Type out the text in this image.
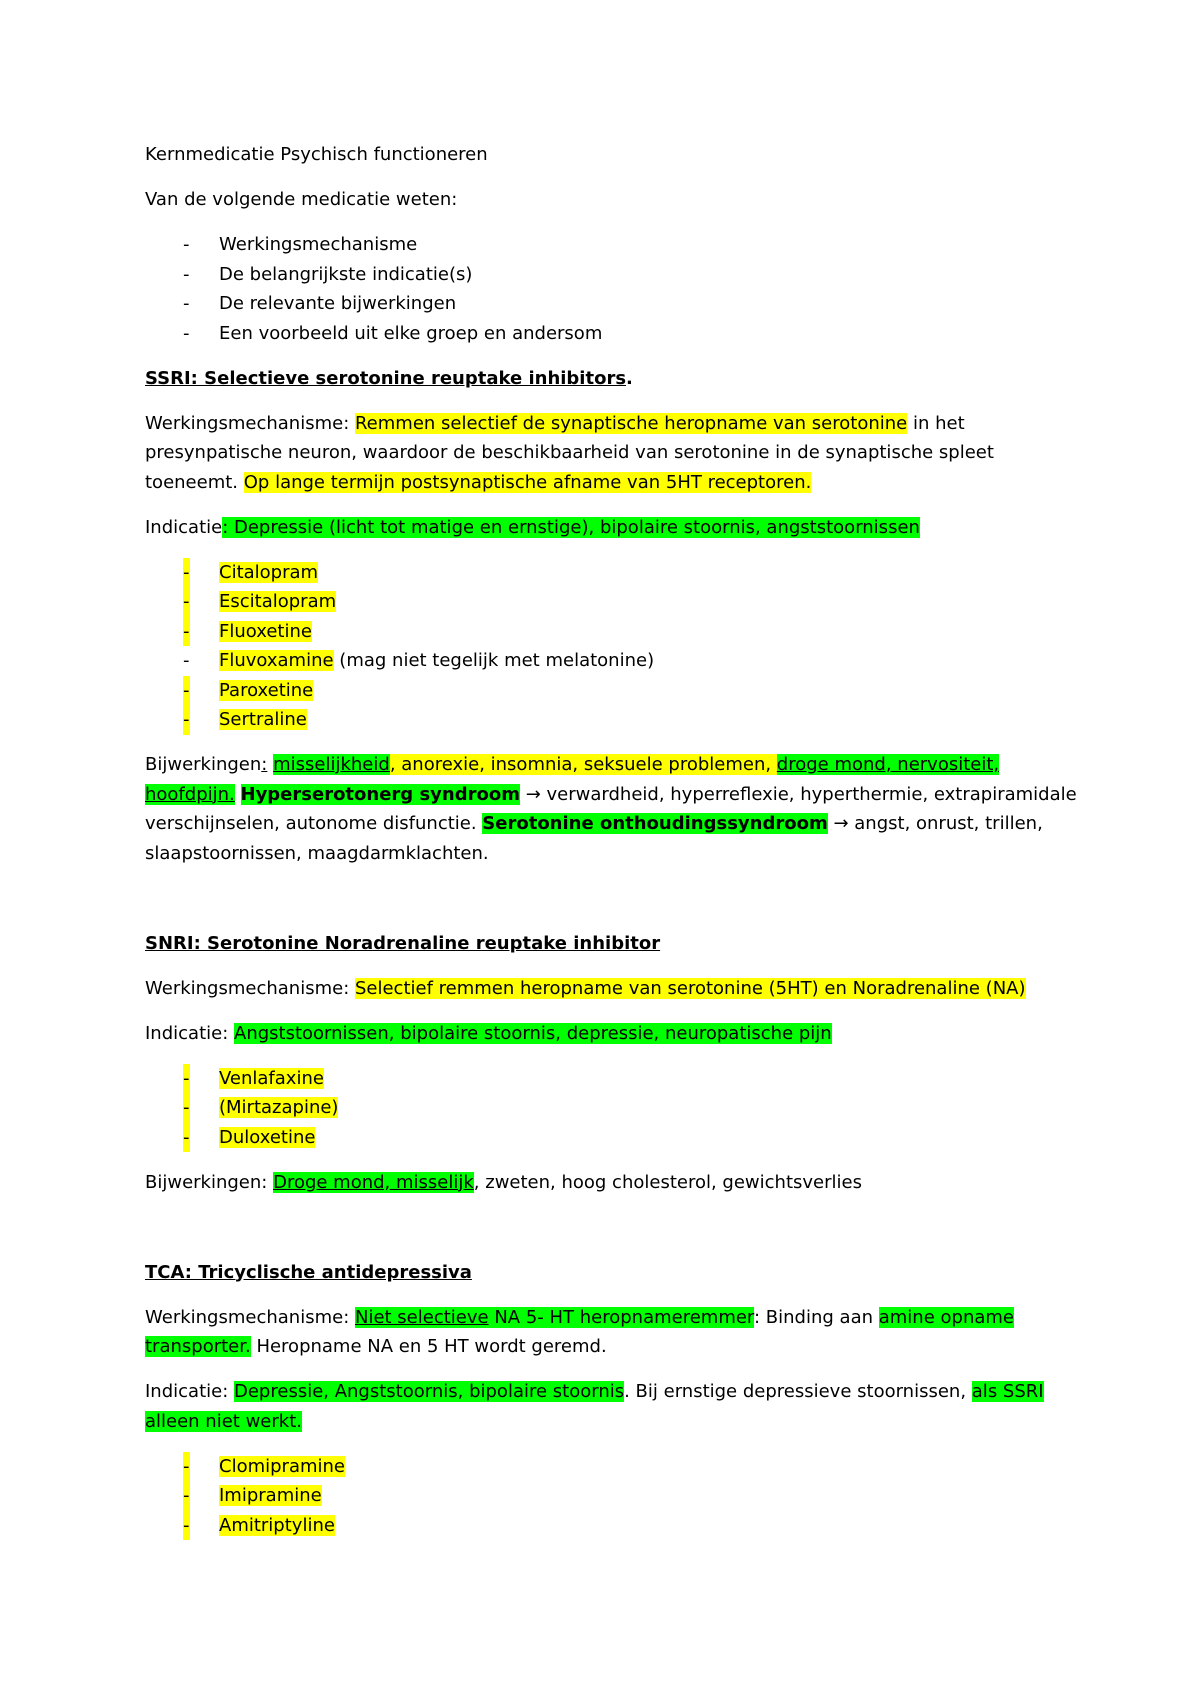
Kernmedicatie Psychisch functioneren

Van de volgende medicatie weten:

- Werkingsmechanisme
- De belangrijkste indicatie(s)
- De relevante bijwerkingen
- Een voorbeeld uit elke groep en andersom

SSRI: Selectieve serotonine reuptake inhibitors.

Werkingsmechanisme: Remmen selectief de synaptische heropname van serotonine in het presynpatische neuron, waardoor de beschikbaarheid van serotonine in de synaptische spleet toeneemt. Op lange termijn postsynaptische afname van 5HT receptoren.

Indicatie: Depressie (licht tot matige en ernstige), bipolaire stoornis, angststoornissen

- Citalopram
- Escitalopram
- Fluoxetine
- Fluvoxamine (mag niet tegelijk met melatonine)
- Paroxetine
- Sertraline

Bijwerkingen: misselijkheid, anorexie, insomnia, seksuele problemen, droge mond, nervositeit, hoofdpijn. Hyperserotonerg syndroom → verwardheid, hyperreflexie, hyperthermie, extrapiramidale verschijnselen, autonome disfunctie. Serotonine onthoudingssyndroom → angst, onrust, trillen, slaapstoornissen, maagdarmklachten.

SNRI: Serotonine Noradrenaline reuptake inhibitor

Werkingsmechanisme: Selectief remmen heropname van serotonine (5HT) en Noradrenaline (NA)

Indicatie: Angststoornissen, bipolaire stoornis, depressie, neuropatische pijn

- Venlafaxine
- (Mirtazapine)
- Duloxetine

Bijwerkingen: Droge mond, misselijk, zweten, hoog cholesterol, gewichtsverlies

TCA: Tricyclische antidepressiva

Werkingsmechanisme: Niet selectieve NA 5- HT heropnameremmer: Binding aan amine opname transporter. Heropname NA en 5 HT wordt geremd.

Indicatie: Depressie, Angststoornis, bipolaire stoornis. Bij ernstige depressieve stoornissen, als SSRI alleen niet werkt.

- Clomipramine
- Imipramine
- Amitriptyline
